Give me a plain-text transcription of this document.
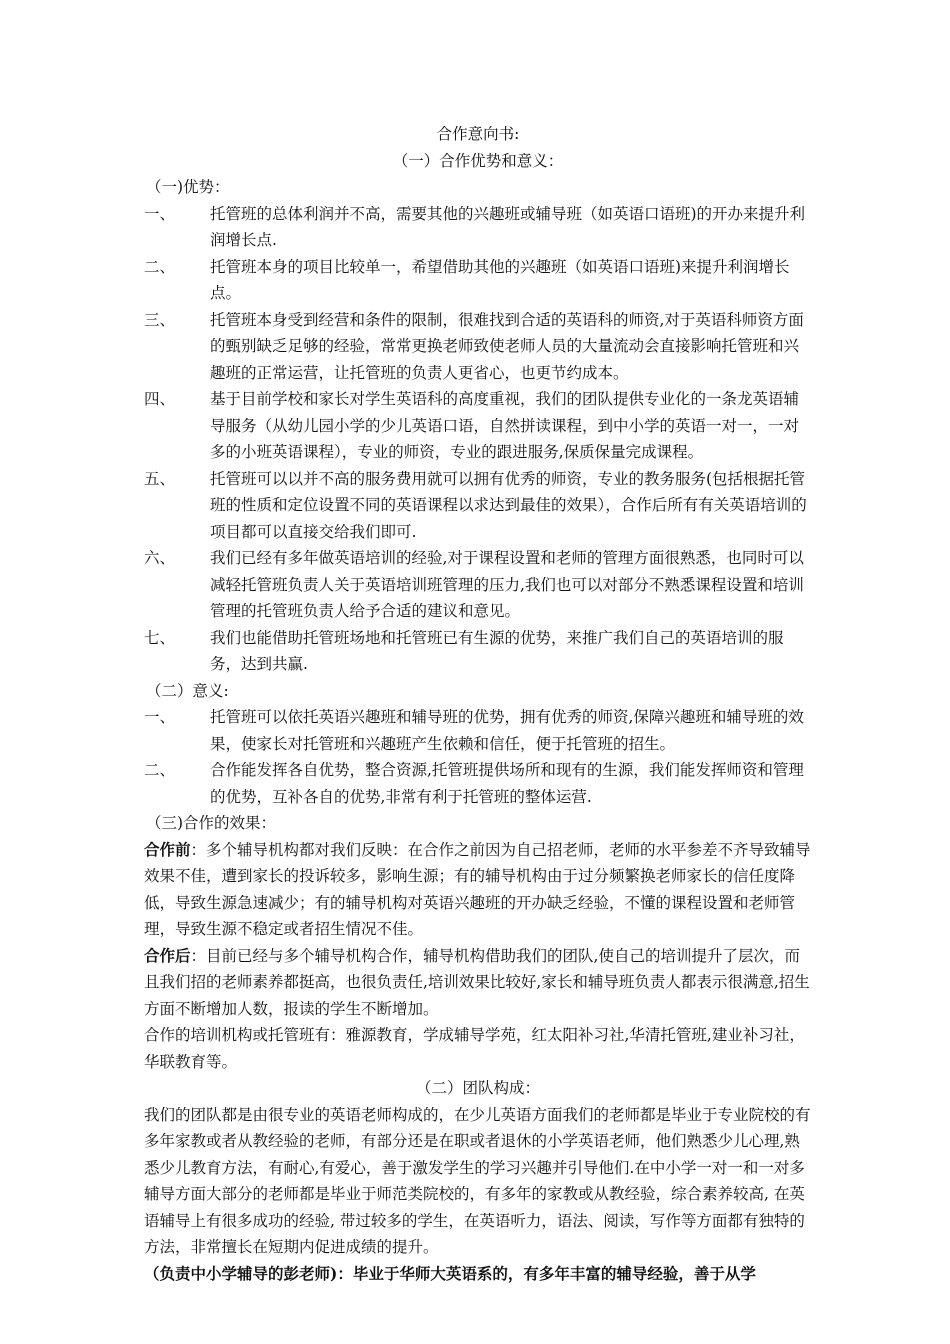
合作意向书:
（一）合作优势和意义：
（一)优势：
一、	托管班的总体利润并不高，需要其他的兴趣班或辅导班（如英语口语班)的开办来提升利润增长点.
二、	托管班本身的项目比较单一，希望借助其他的兴趣班（如英语口语班)来提升利润增长点。
三、	托管班本身受到经营和条件的限制，很难找到合适的英语科的师资,对于英语科师资方面的甄别缺乏足够的经验，常常更换老师致使老师人员的大量流动会直接影响托管班和兴趣班的正常运营，让托管班的负责人更省心，也更节约成本。
四、	基于目前学校和家长对学生英语科的高度重视，我们的团队提供专业化的一条龙英语辅导服务（从幼儿园小学的少儿英语口语，自然拼读课程，到中小学的英语一对一，一对多的小班英语课程），专业的师资，专业的跟进服务,保质保量完成课程。
五、	托管班可以以并不高的服务费用就可以拥有优秀的师资，专业的教务服务(包括根据托管班的性质和定位设置不同的英语课程以求达到最佳的效果），合作后所有有关英语培训的项目都可以直接交给我们即可.
六、	我们已经有多年做英语培训的经验,对于课程设置和老师的管理方面很熟悉，也同时可以减轻托管班负责人关于英语培训班管理的压力,我们也可以对部分不熟悉课程设置和培训管理的托管班负责人给予合适的建议和意见。
七、	我们也能借助托管班场地和托管班已有生源的优势，来推广我们自己的英语培训的服务，达到共赢.
（二）意义:
一、	托管班可以依托英语兴趣班和辅导班的优势，拥有优秀的师资,保障兴趣班和辅导班的效果，使家长对托管班和兴趣班产生依赖和信任，便于托管班的招生。
二、	合作能发挥各自优势，整合资源,托管班提供场所和现有的生源，我们能发挥师资和管理的优势，互补各自的优势,非常有利于托管班的整体运营.
（三)合作的效果：

合作前：多个辅导机构都对我们反映：在合作之前因为自己招老师，老师的水平参差不齐导致辅导效果不佳，遭到家长的投诉较多，影响生源；有的辅导机构由于过分频繁换老师家长的信任度降低，导致生源急速减少；有的辅导机构对英语兴趣班的开办缺乏经验，不懂的课程设置和老师管理，导致生源不稳定或者招生情况不佳。

合作后：目前已经与多个辅导机构合作，辅导机构借助我们的团队,使自己的培训提升了层次，而且我们招的老师素养都挺高，也很负责任,培训效果比较好,家长和辅导班负责人都表示很满意,招生方面不断增加人数，报读的学生不断增加。

合作的培训机构或托管班有：雅源教育，学成辅导学苑，红太阳补习社,华清托管班,建业补习社，华联教育等。

（二）团队构成：

我们的团队都是由很专业的英语老师构成的，在少儿英语方面我们的老师都是毕业于专业院校的有多年家教或者从教经验的老师，有部分还是在职或者退休的小学英语老师，他们熟悉少儿心理,熟悉少儿教育方法，有耐心,有爱心，善于激发学生的学习兴趣并引导他们.在中小学一对一和一对多辅导方面大部分的老师都是毕业于师范类院校的，有多年的家教或从教经验，综合素养较高, 在英语辅导上有很多成功的经验, 带过较多的学生，在英语听力，语法、阅读，写作等方面都有独特的方法，非常擅长在短期内促进成绩的提升。

（负责中小学辅导的彭老师)：毕业于华师大英语系的，有多年丰富的辅导经验，善于从学
